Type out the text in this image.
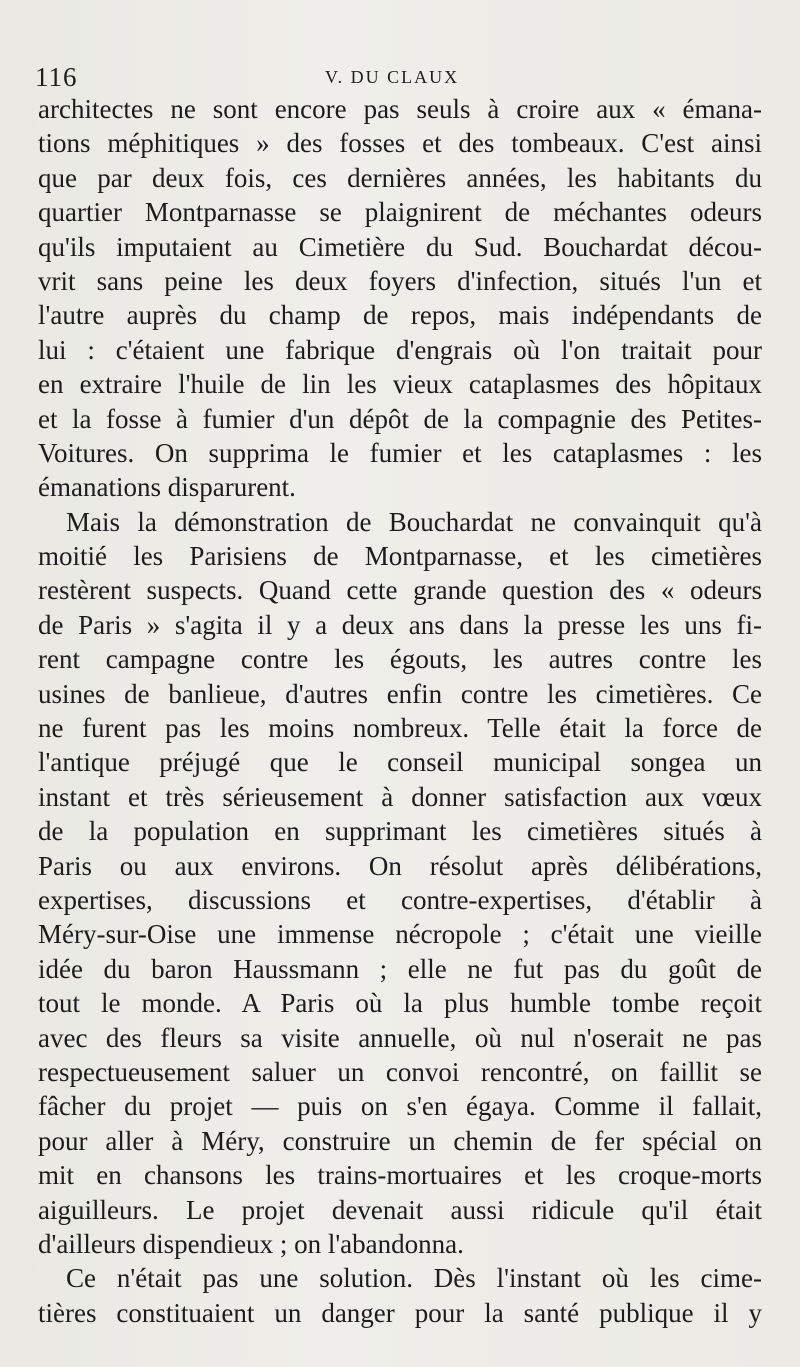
116	V. DU CLAUX
architectes ne sont encore pas seuls à croire aux « émana-
tions méphitiques » des fosses et des tombeaux. C'est ainsi
que par deux fois, ces dernières années, les habitants du
quartier Montparnasse se plaignirent de méchantes odeurs
qu'ils imputaient au Cimetière du Sud. Bouchardat décou-
vrit sans peine les deux foyers d'infection, situés l'un et
l'autre auprès du champ de repos, mais indépendants de
lui : c'étaient une fabrique d'engrais où l'on traitait pour
en extraire l'huile de lin les vieux cataplasmes des hôpitaux
et la fosse à fumier d'un dépôt de la compagnie des Petites-
Voitures. On supprima le fumier et les cataplasmes : les
émanations disparurent.
Mais la démonstration de Bouchardat ne convainquit qu'à
moitié les Parisiens de Montparnasse, et les cimetières
restèrent suspects. Quand cette grande question des « odeurs
de Paris » s'agita il y a deux ans dans la presse les uns fi-
rent campagne contre les égouts, les autres contre les
usines de banlieue, d'autres enfin contre les cimetières. Ce
ne furent pas les moins nombreux. Telle était la force de
l'antique préjugé que le conseil municipal songea un
instant et très sérieusement à donner satisfaction aux vœux
de la population en supprimant les cimetières situés à
Paris ou aux environs. On résolut après délibérations,
expertises, discussions et contre-expertises, d'établir à
Méry-sur-Oise une immense nécropole ; c'était une vieille
idée du baron Haussmann ; elle ne fut pas du goût de
tout le monde. A Paris où la plus humble tombe reçoit
avec des fleurs sa visite annuelle, où nul n'oserait ne pas
respectueusement saluer un convoi rencontré, on faillit se
fâcher du projet — puis on s'en égaya. Comme il fallait,
pour aller à Méry, construire un chemin de fer spécial on
mit en chansons les trains-mortuaires et les croque-morts
aiguilleurs. Le projet devenait aussi ridicule qu'il était
d'ailleurs dispendieux ; on l'abandonna.
Ce n'était pas une solution. Dès l'instant où les cime-
tières constituaient un danger pour la santé publique il y
